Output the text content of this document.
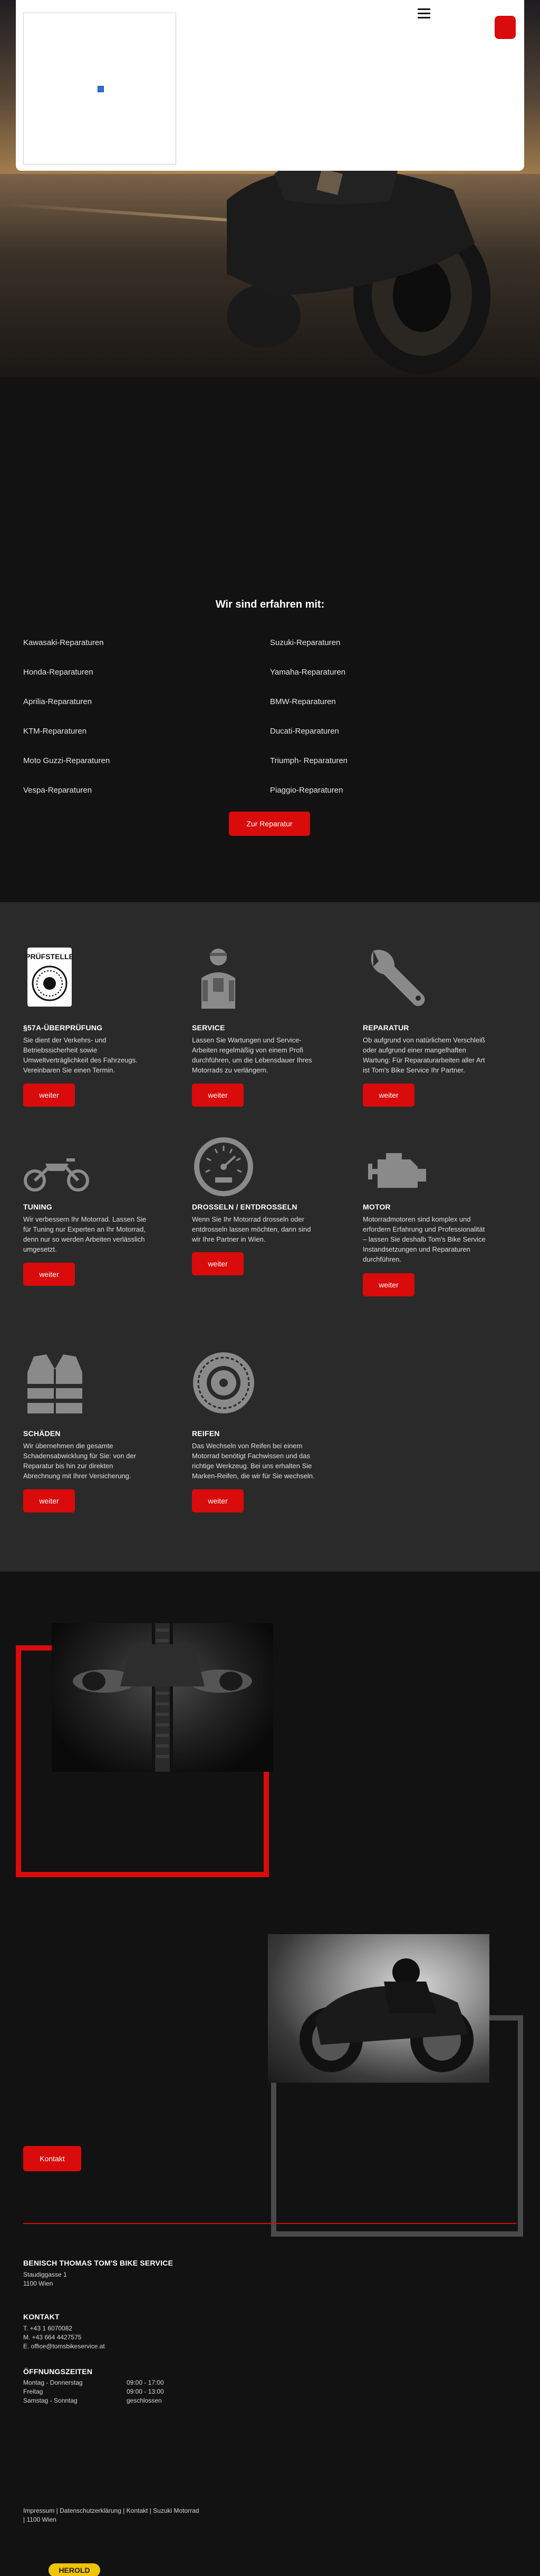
Wir sind erfahren mit:
Kawasaki-Reparaturen
Honda-Reparaturen
Aprilia-Reparaturen
KTM-Reparaturen
Moto Guzzi-Reparaturen
Vespa-Reparaturen
Suzuki-Reparaturen
Yamaha-Reparaturen
BMW-Reparaturen
Ducati-Reparaturen
Triumph- Reparaturen
Piaggio-Reparaturen
Zur Reparatur
PRÜFSTELLE
§57A-ÜBERPRÜFUNG
Sie dient der Verkehrs- und
Betriebssicherheit sowie
Umweltverträglichkeit des Fahrzeugs.
Vereinbaren Sie einen Termin.
weiter
SERVICE
Lassen Sie Wartungen und Service-
Arbeiten regelmäßig von einem Profi
durchführen, um die Lebensdauer Ihres
Motorrads zu verlängern.
weiter
REPARATUR
Ob aufgrund von natürlichem Verschleiß
oder aufgrund einer mangelhaften
Wartung: Für Reparaturarbeiten aller Art
ist Tom's Bike Service Ihr Partner.
weiter
TUNING
Wir verbessern Ihr Motorrad. Lassen Sie
für Tuning nur Experten an Ihr Motorrad,
denn nur so werden Arbeiten verlässlich
umgesetzt.
weiter
DROSSELN / ENTDROSSELN
Wenn Sie Ihr Motorrad drosseln oder
entdrosseln lassen möchten, dann sind
wir Ihre Partner in Wien.
weiter
MOTOR
Motorradmotoren sind komplex und
erfordern Erfahrung und Professionalität
– lassen Sie deshalb Tom's Bike Service
Instandsetzungen und Reparaturen
durchführen.
weiter
SCHÄDEN
Wir übernehmen die gesamte
Schadensabwicklung für Sie: von der
Reparatur bis hin zur direkten
Abrechnung mit Ihrer Versicherung.
weiter
REIFEN
Das Wechseln von Reifen bei einem
Motorrad benötigt Fachwissen und das
richtige Werkzeug. Bei uns erhalten Sie
Marken-Reifen, die wir für Sie wechseln.
weiter
Kontakt
BENISCH THOMAS TOM'S BIKE SERVICE
Staudiggasse 1
1100 Wien
KONTAKT
T. +43 1 6070082
M. +43 664 4427575
E. office@tomsbikeservice.at
ÖFFNUNGSZEITEN
Montag - Donnerstag	09:00 - 17:00
Freitag	09:00 - 13:00
Samstag - Sonntag	geschlossen
Impressum | Datenschutzerklärung | Kontakt | Suzuki Motorrad
| 1100 Wien
HEROLD
